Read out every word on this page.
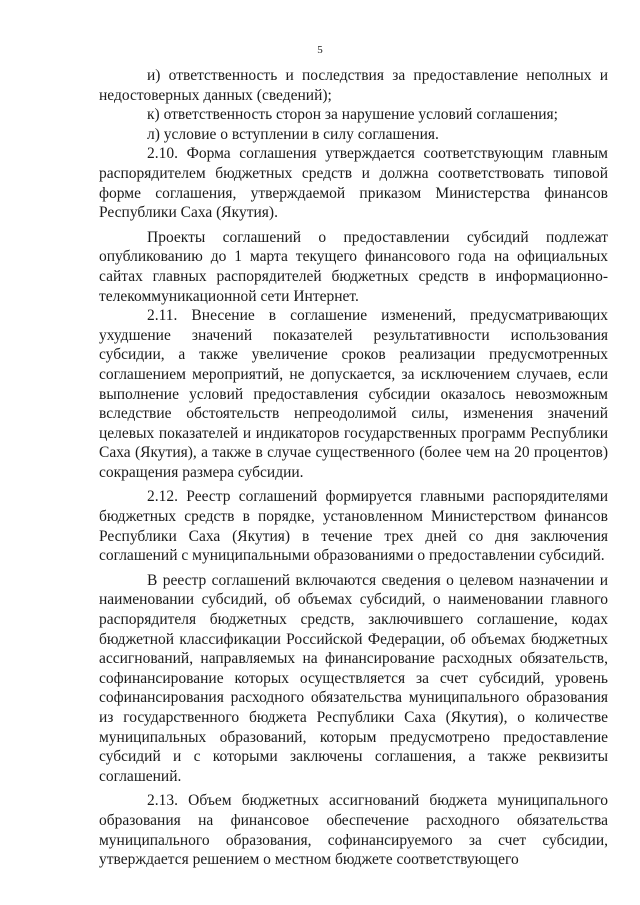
5

и) ответственность и последствия за предоставление неполных и недостоверных данных (сведений);

к) ответственность сторон за нарушение условий соглашения;

л) условие о вступлении в силу соглашения.

2.10. Форма соглашения утверждается соответствующим главным распорядителем бюджетных средств и должна соответствовать типовой форме соглашения, утверждаемой приказом Министерства финансов Республики Саха (Якутия).

Проекты соглашений о предоставлении субсидий подлежат опубликованию до 1 марта текущего финансового года на официальных сайтах главных распорядителей бюджетных средств в информационно-телекоммуникационной сети Интернет.

2.11. Внесение в соглашение изменений, предусматривающих ухудшение значений показателей результативности использования субсидии, а также увеличение сроков реализации предусмотренных соглашением мероприятий, не допускается, за исключением случаев, если выполнение условий предоставления субсидии оказалось невозможным вследствие обстоятельств непреодолимой силы, изменения значений целевых показателей и индикаторов государственных программ Республики Саха (Якутия), а также в случае существенного (более чем на 20 процентов) сокращения размера субсидии.

2.12. Реестр соглашений формируется главными распорядителями бюджетных средств в порядке, установленном Министерством финансов Республики Саха (Якутия) в течение трех дней со дня заключения соглашений с муниципальными образованиями о предоставлении субсидий.

В реестр соглашений включаются сведения о целевом назначении и наименовании субсидий, об объемах субсидий, о наименовании главного распорядителя бюджетных средств, заключившего соглашение, кодах бюджетной классификации Российской Федерации, об объемах бюджетных ассигнований, направляемых на финансирование расходных обязательств, софинансирование которых осуществляется за счет субсидий, уровень софинансирования расходного обязательства муниципального образования из государственного бюджета Республики Саха (Якутия), о количестве муниципальных образований, которым предусмотрено предоставление субсидий и с которыми заключены соглашения, а также реквизиты соглашений.

2.13. Объем бюджетных ассигнований бюджета муниципального образования на финансовое обеспечение расходного обязательства муниципального образования, софинансируемого за счет субсидии, утверждается решением о местном бюджете соответствующего
